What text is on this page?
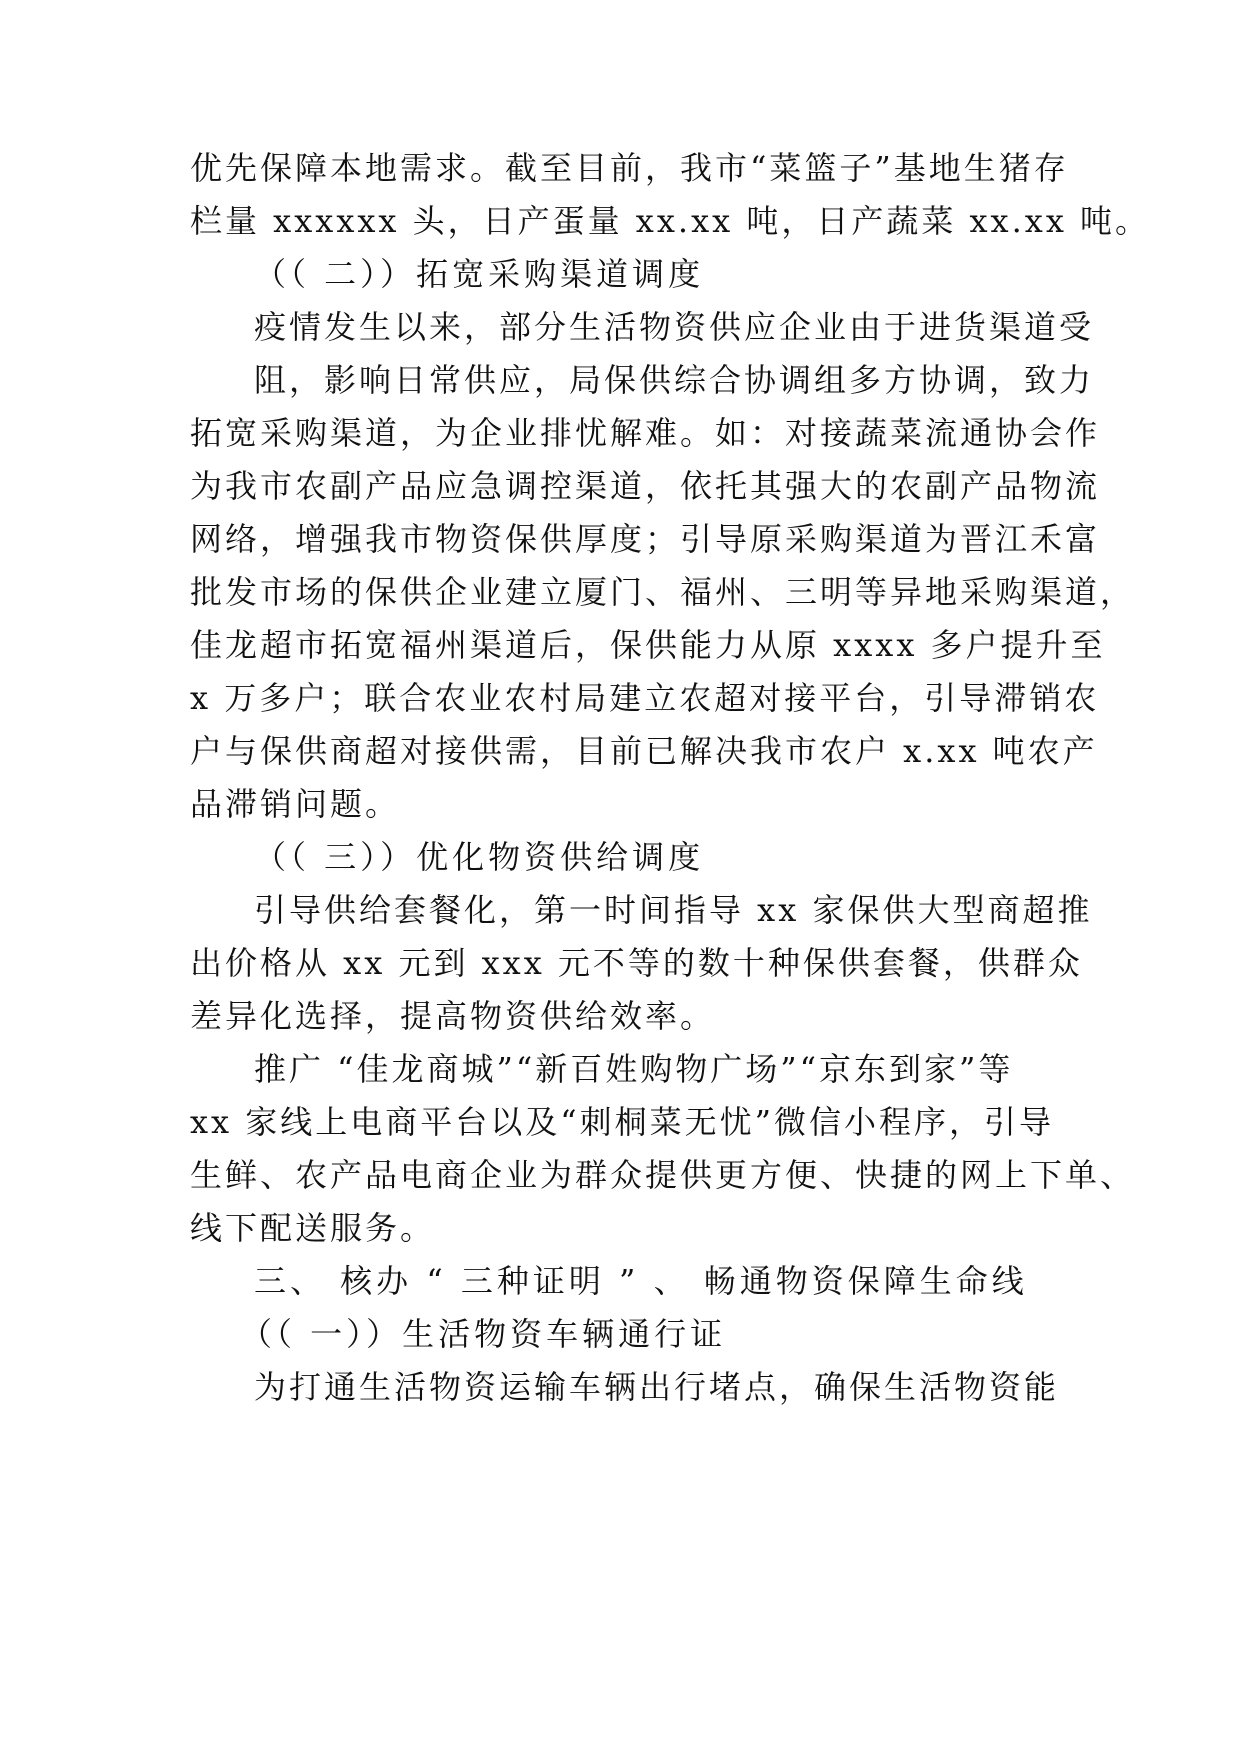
优先保障本地需求。截至目前，我市“菜篮子”基地生猪存
栏量 xxxxxx 头，日产蛋量 xx.xx 吨，日产蔬菜 xx.xx 吨。
（（ 二））拓宽采购渠道调度
疫情发生以来，部分生活物资供应企业由于进货渠道受
阻，影响日常供应，局保供综合协调组多方协调，致力
拓宽采购渠道，为企业排忧解难。如：对接蔬菜流通协会作
为我市农副产品应急调控渠道，依托其强大的农副产品物流
网络，增强我市物资保供厚度；引导原采购渠道为晋江禾富
批发市场的保供企业建立厦门、福州、三明等异地采购渠道，
佳龙超市拓宽福州渠道后，保供能力从原 xxxx 多户提升至
x 万多户；联合农业农村局建立农超对接平台，引导滞销农
户与保供商超对接供需，目前已解决我市农户 x.xx 吨农产
品滞销问题。
（（ 三））优化物资供给调度
引导供给套餐化，第一时间指导 xx 家保供大型商超推
出价格从 xx 元到 xxx 元不等的数十种保供套餐，供群众
差异化选择，提高物资供给效率。
推广 “佳龙商城”“新百姓购物广场”“京东到家”等
xx 家线上电商平台以及“刺桐菜无忧”微信小程序，引导
生鲜、农产品电商企业为群众提供更方便、快捷的网上下单、
线下配送服务。
三、 核办 “ 三种证明 ” 、 畅通物资保障生命线
（（ 一））生活物资车辆通行证
为打通生活物资运输车辆出行堵点，确保生活物资能
